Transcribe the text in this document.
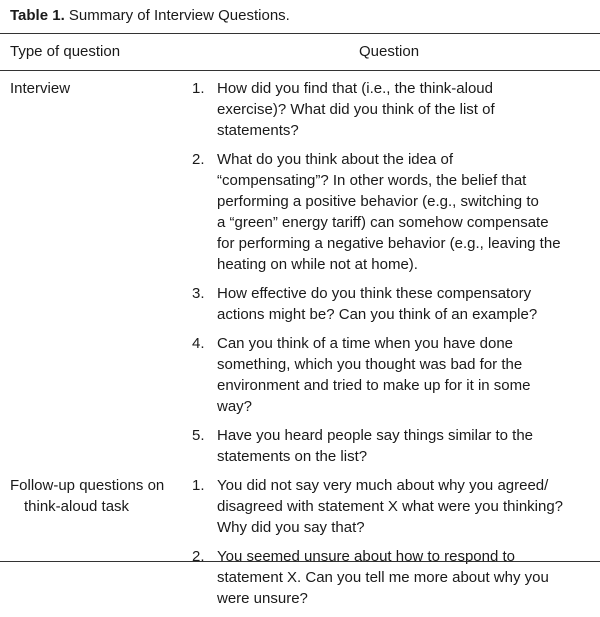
Table 1. Summary of Interview Questions.
Type of question	Question
Interview	1. How did you find that (i.e., the think-aloud
exercise)? What did you think of the list of
statements?
2. What do you think about the idea of
“compensating”? In other words, the belief that
performing a positive behavior (e.g., switching to
a “green” energy tariff) can somehow compensate
for performing a negative behavior (e.g., leaving the
heating on while not at home).
3. How effective do you think these compensatory
actions might be? Can you think of an example?
4. Can you think of a time when you have done
something, which you thought was bad for the
environment and tried to make up for it in some
way?
5. Have you heard people say things similar to the
statements on the list?
Follow-up questions on think-aloud task
1. You did not say very much about why you agreed/
disagreed with statement X what were you thinking?
Why did you say that?
2. You seemed unsure about how to respond to
statement X. Can you tell me more about why you
were unsure?
